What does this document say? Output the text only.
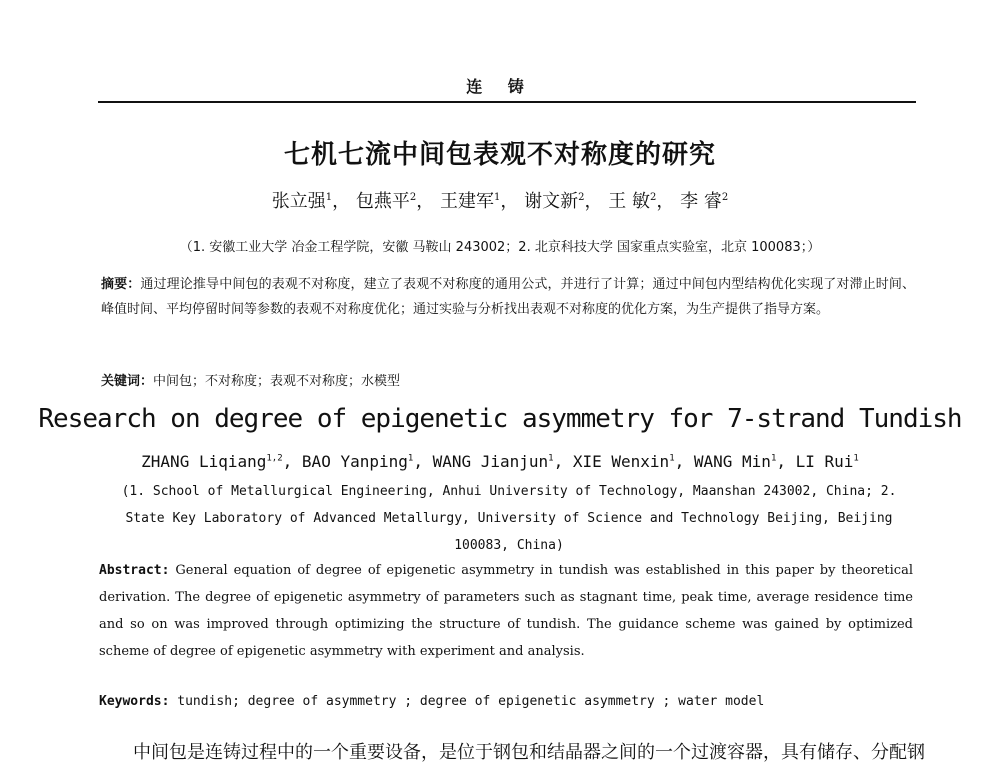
连 铸
七机七流中间包表观不对称度的研究
张立强$^1$， 包燕平$^2$， 王建军$^1$， 谢文新$^2$， 王 敏$^2$， 李 睿$^2$
（1. 安徽工业大学 冶金工程学院，安徽 马鞍山 243002；2. 北京科技大学 国家重点实验室，北京 100083；）
摘要：通过理论推导中间包的表观不对称度，建立了表观不对称度的通用公式，并进行了计算；通过中间包内型结构优化实现了对滞止时间、峰值时间、平均停留时间等参数的表观不对称度优化；通过实验与分析找出表观不对称度的优化方案，为生产提供了指导方案。
关键词：中间包；不对称度；表观不对称度；水模型
Research on degree of epigenetic asymmetry for 7-strand Tundish
ZHANG Liqiang$^{1,2}$, BAO Yanping$^1$, WANG Jianjun$^1$, XIE Wenxin$^1$, WANG Min$^1$, LI Rui$^1$
(1. School of Metallurgical Engineering, Anhui University of Technology, Maanshan 243002, China; 2. State Key Laboratory of Advanced Metallurgy, University of Science and Technology Beijing, Beijing 100083, China)
Abstract: General equation of degree of epigenetic asymmetry in tundish was established in this paper by theoretical derivation. The degree of epigenetic asymmetry of parameters such as stagnant time, peak time, average residence time and so on was improved through optimizing the structure of tundish. The guidance scheme was gained by optimized scheme of degree of epigenetic asymmetry with experiment and analysis.
Keywords: tundish; degree of asymmetry ; degree of epigenetic asymmetry ; water model
中间包是连铸过程中的一个重要设备，是位于钢包和结晶器之间的一个过渡容器，具有储存、分配钢
